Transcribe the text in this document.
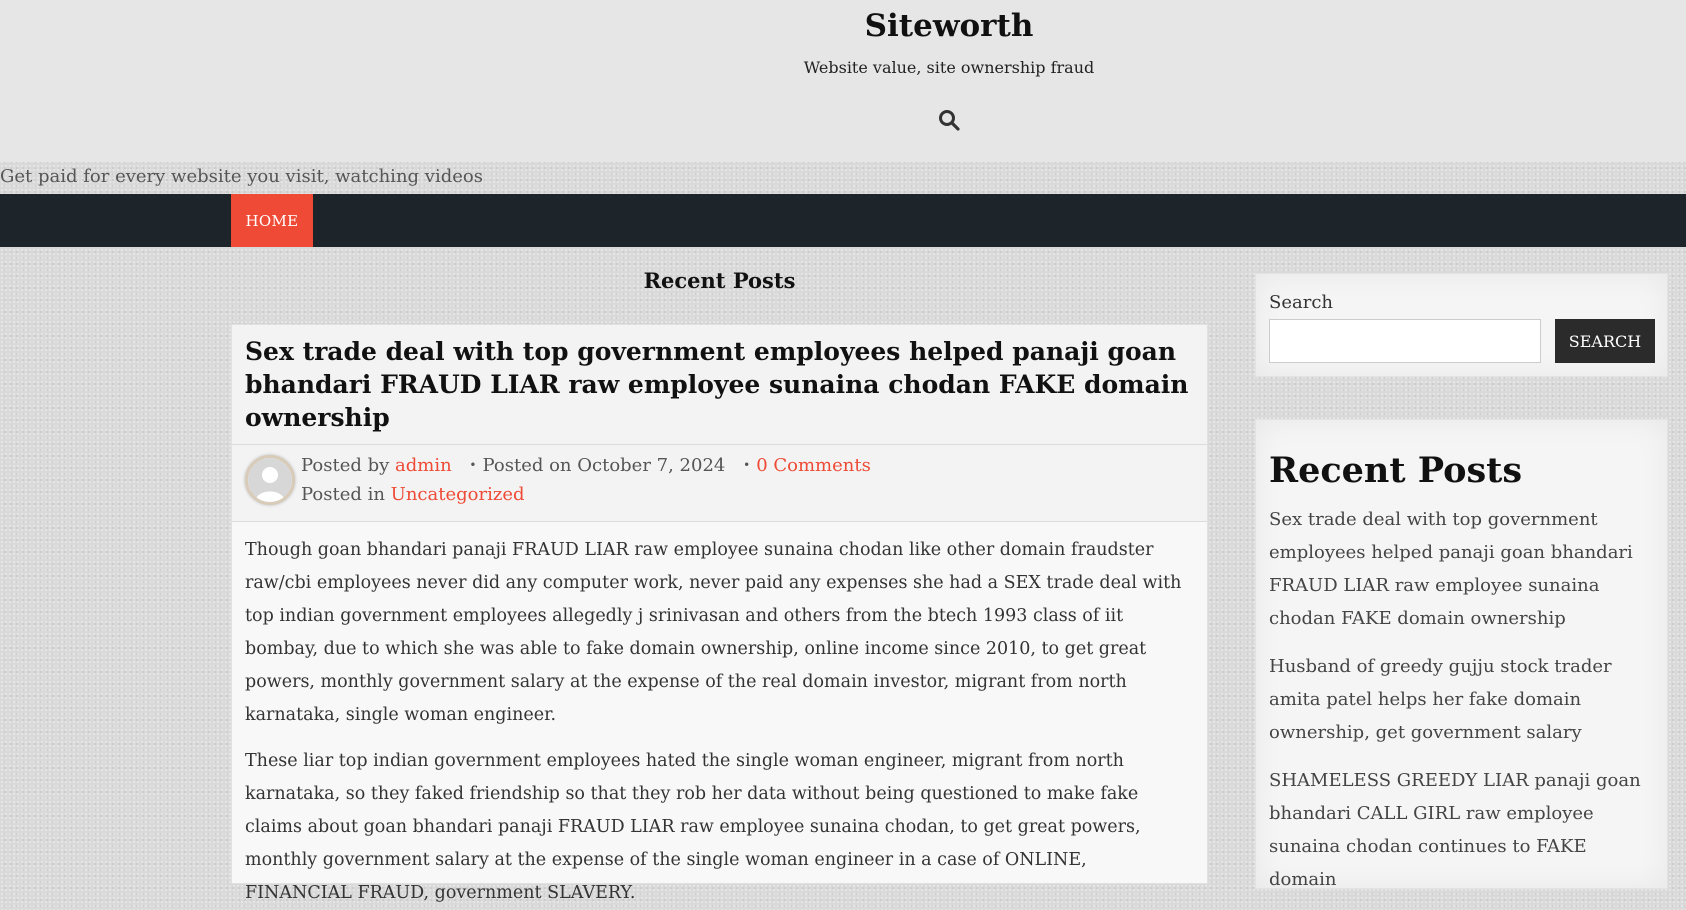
Siteworth
Website value, site ownership fraud
Get paid for every website you visit, watching videos
HOME
Recent Posts
Sex trade deal with top government employees helped panaji goan bhandari FRAUD LIAR raw employee sunaina chodan FAKE domain ownership
Posted by admin • Posted on October 7, 2024 • 0 Comments
Posted in Uncategorized

Though goan bhandari panaji FRAUD LIAR raw employee sunaina chodan like other domain fraudster raw/cbi employees never did any computer work, never paid any expenses she had a SEX trade deal with top indian government employees allegedly j srinivasan and others from the btech 1993 class of iit bombay, due to which she was able to fake domain ownership, online income since 2010, to get great powers, monthly government salary at the expense of the real domain investor, migrant from north karnataka, single woman engineer.

These liar top indian government employees hated the single woman engineer, migrant from north karnataka, so they faked friendship so that they rob her data without being questioned to make fake claims about goan bhandari panaji FRAUD LIAR raw employee sunaina chodan, to get great powers, monthly government salary at the expense of the single woman engineer in a case of ONLINE, FINANCIAL FRAUD, government SLAVERY.

Search
SEARCH
Recent Posts
Sex trade deal with top government employees helped panaji goan bhandari FRAUD LIAR raw employee sunaina chodan FAKE domain ownership
Husband of greedy gujju stock trader amita patel helps her fake domain ownership, get government salary
SHAMELESS GREEDY LIAR panaji goan bhandari CALL GIRL raw employee sunaina chodan continues to FAKE domain
